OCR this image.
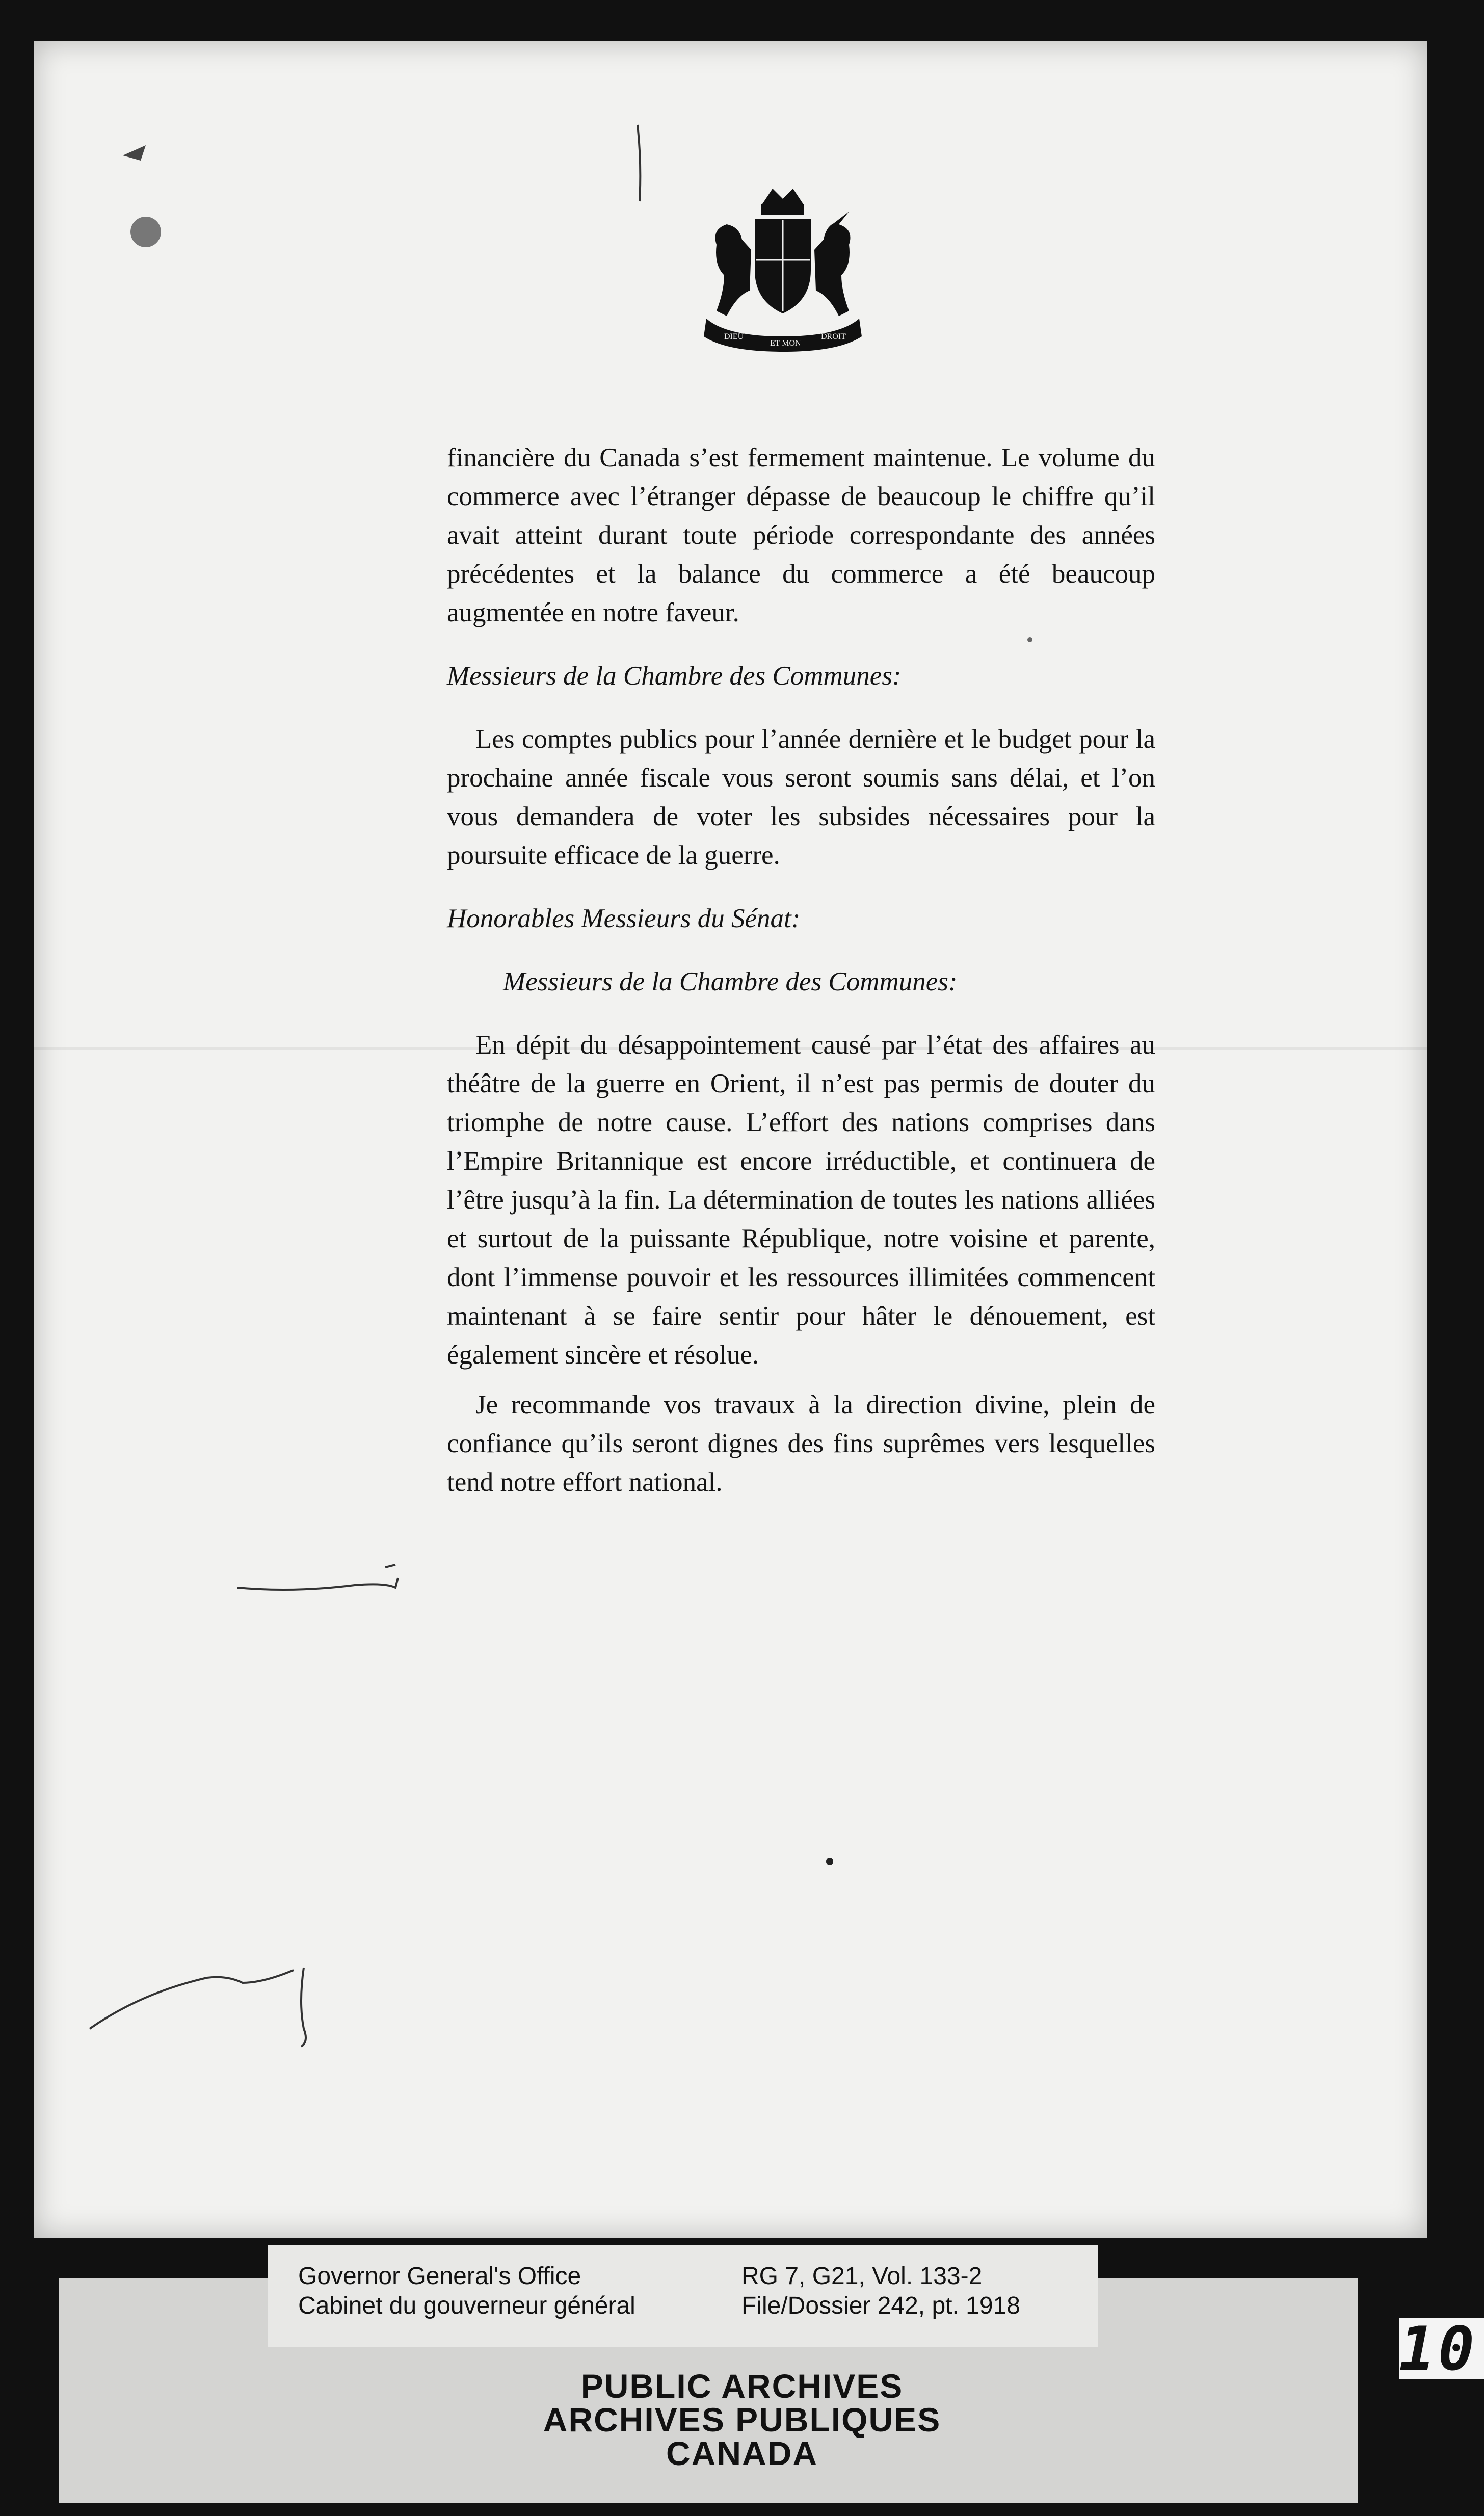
DIEU
ET MON
DROIT

financière du Canada s’est fermement maintenue. Le volume du commerce avec l’étranger dépasse de beaucoup le chiffre qu’il avait atteint durant toute période correspondante des années précédentes et la balance du commerce a été beaucoup augmentée en notre faveur.

Messieurs de la Chambre des Communes:

Les comptes publics pour l’année dernière et le budget pour la prochaine année fiscale vous seront soumis sans délai, et l’on vous demandera de voter les subsides nécessaires pour la poursuite efficace de la guerre.

Honorables Messieurs du Sénat:

Messieurs de la Chambre des Communes:

En dépit du désappointement causé par l’état des affaires au théâtre de la guerre en Orient, il n’est pas permis de douter du triomphe de notre cause. L’effort des nations comprises dans l’Empire Britannique est encore irréductible, et continuera de l’être jusqu’à la fin. La détermination de toutes les nations alliées et surtout de la puissante République, notre voisine et parente, dont l’immense pouvoir et les ressources illimitées commencent maintenant à se faire sentir pour hâter le dénouement, est également sincère et résolue.

Je recommande vos travaux à la direction divine, plein de confiance qu’ils seront dignes des fins suprêmes vers lesquelles tend notre effort national.

Governor General's Office
Cabinet du gouverneur général
RG 7, G21, Vol. 133-2
File/Dossier 242, pt. 1918
PUBLIC ARCHIVES
ARCHIVES PUBLIQUES
CANADA
10
